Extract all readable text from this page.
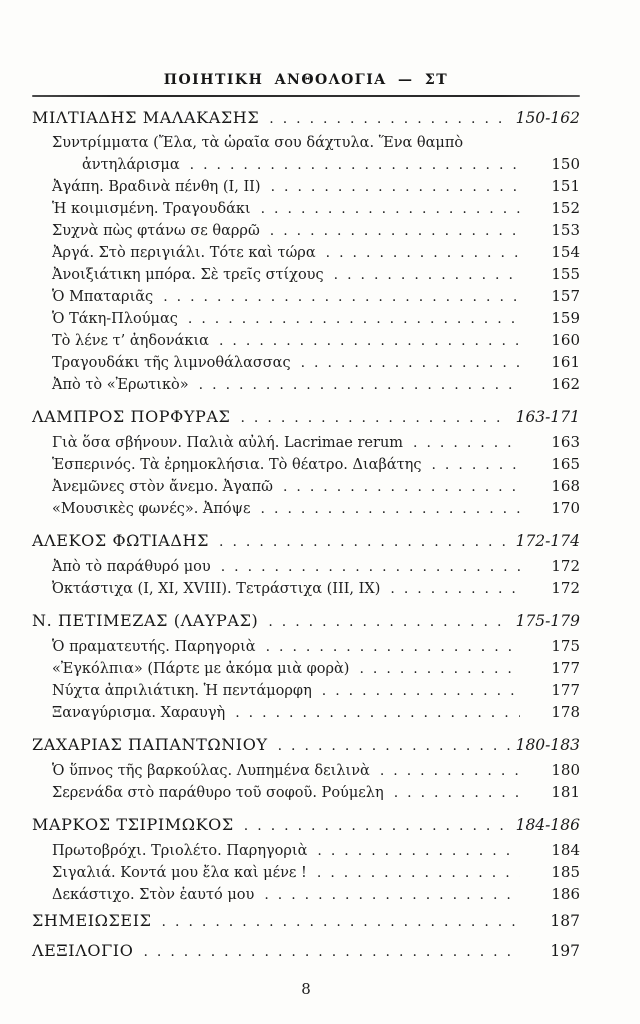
ΠΟΙΗΤΙΚΗ ΑΝΘΟΛΟΓΙΑ — ΣΤ
ΜΙΛΤΙΑΔΗΣ ΜΑΛΑΚΑΣΗΣ .....	150-162
Συντρίμματα (Ἔλα, τὰ ὡραῖα σου δάχτυλα. Ἕνα θαμπὸ
ἀντηλάρισμα .....	150
Ἀγάπη. Βραδινὰ πένθη (Ι, ΙΙ) .....	151
Ἡ κοιμισμένη. Τραγουδάκι .....	152
Συχνὰ πὼς φτάνω σε θαρρῶ .....	153
Ἀργά. Στὸ περιγιάλι. Τότε καὶ τώρα .....	154
Ἀνοιξιάτικη μπόρα. Σὲ τρεῖς στίχους .....	155
Ὁ Μπαταριᾶς .....	157
Ὁ Τάκη-Πλούμας .....	159
Τὸ λένε τ’ ἀηδονάκια .....	160
Τραγουδάκι τῆς λιμνοθάλασσας .....	161
Ἀπὸ τὸ «Ἐρωτικὸ» .....	162
ΛΑΜΠΡΟΣ ΠΟΡΦΥΡΑΣ .....	163-171
Γιὰ ὅσα σβήνουν. Παλιὰ αὐλή. Lacrimae rerum .....	163
Ἑσπερινός. Τὰ ἐρημοκλήσια. Τὸ θέατρο. Διαβάτης .....	165
Ἀνεμῶνες στὸν ἄνεμο. Ἀγαπῶ .....	168
«Μουσικὲς φωνές». Ἀπόψε .....	170
ΑΛΕΚΟΣ ΦΩΤΙΑΔΗΣ .....	172-174
Ἀπὸ τὸ παράθυρό μου .....	172
Ὀκτάστιχα (Ι, ΧΙ, XVIII). Τετράστιχα (ΙΙΙ, ΙΧ) .....	172
Ν. ΠΕΤΙΜΕΖΑΣ (ΛΑΥΡΑΣ) .....	175-179
Ὁ πραματευτής. Παρηγοριὰ .....	175
«Ἐγκόλπια» (Πάρτε με ἀκόμα μιὰ φορὰ) .....	177
Νύχτα ἀπριλιάτικη. Ἡ πεντάμορφη .....	177
Ξαναγύρισμα. Χαραυγὴ .....	178
ΖΑΧΑΡΙΑΣ ΠΑΠΑΝΤΩΝΙΟΥ .....	180-183
Ὁ ὕπνος τῆς βαρκούλας. Λυπημένα δειλινὰ .....	180
Σερενάδα στὸ παράθυρο τοῦ σοφοῦ. Ρούμελη .....	181
ΜΑΡΚΟΣ ΤΣΙΡΙΜΩΚΟΣ .....	184-186
Πρωτοβρόχι. Τριολέτο. Παρηγοριὰ .....	184
Σιγαλιά. Κοντά μου ἔλα καὶ μένε ! .....	185
Δεκάστιχο. Στὸν ἑαυτό μου .....	186
ΣΗΜΕΙΩΣΕΙΣ .....	187
ΛΕΞΙΛΟΓΙΟ .....	197
8
